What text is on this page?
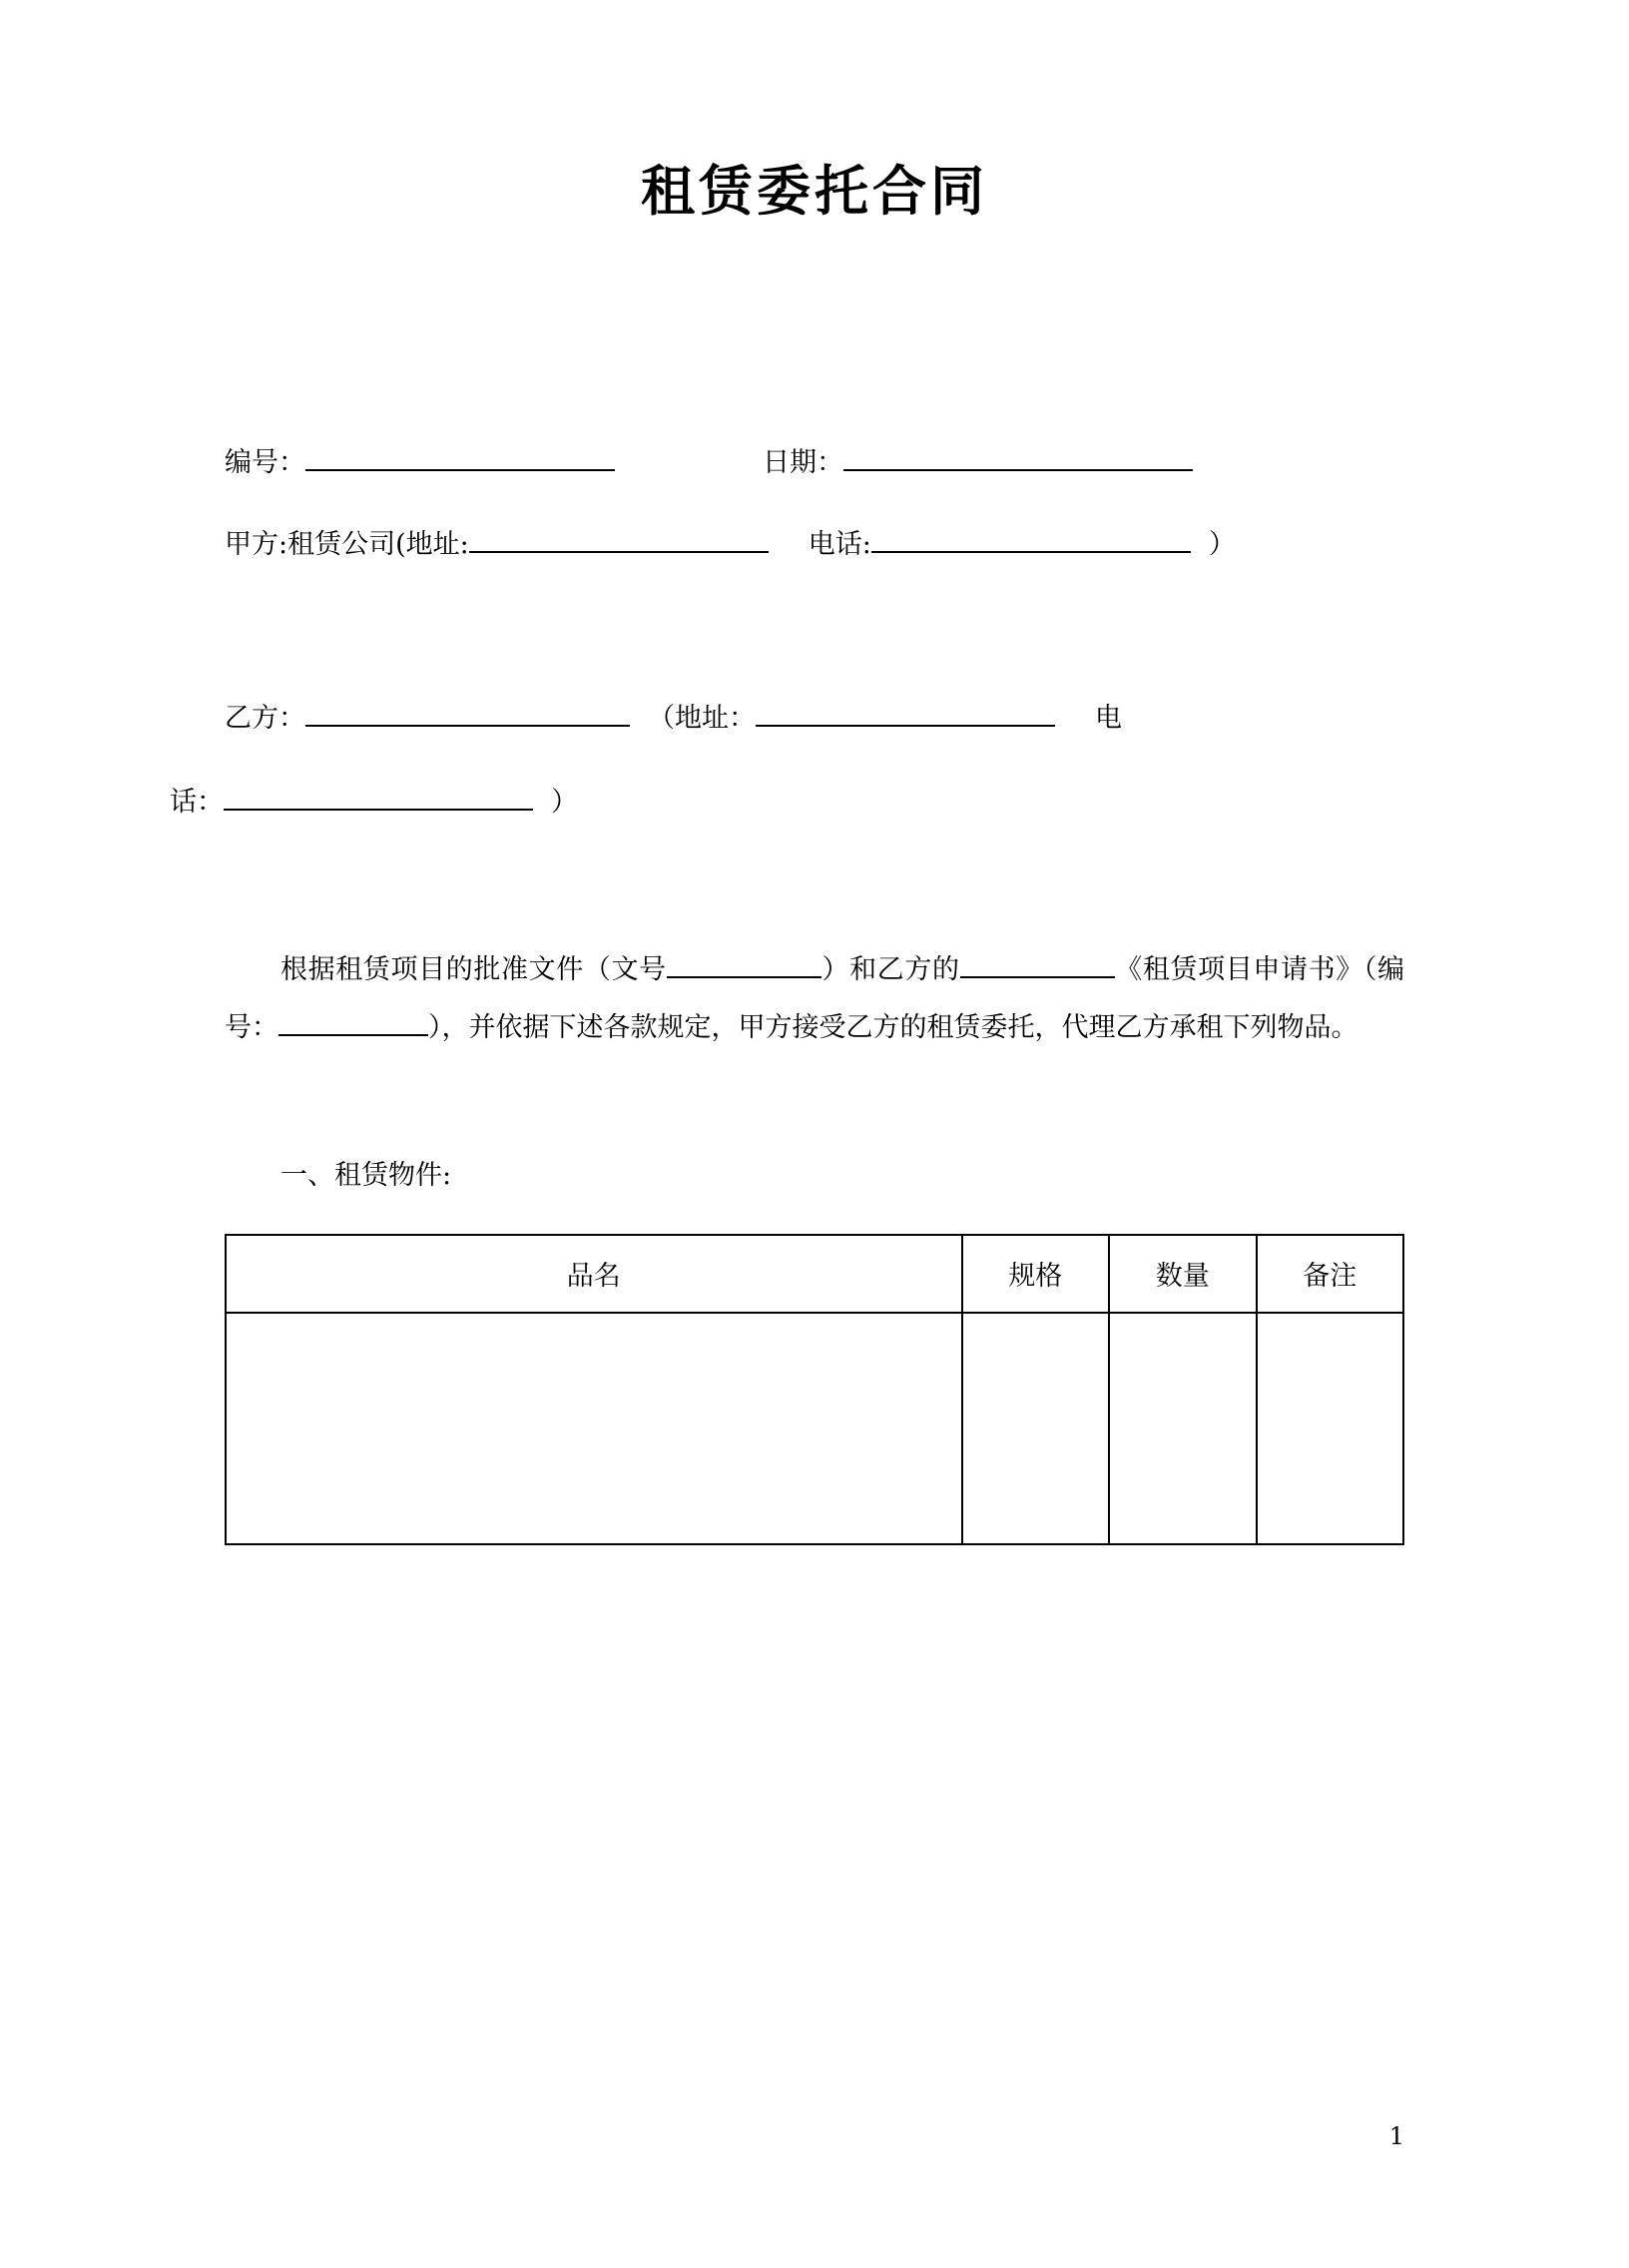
租赁委托合同
编号：	日期：
甲方:租赁公司(地址:	电话:	）
乙方：	（地址：	电
话：	）

根据租赁项目的批准文件（文号	）和乙方的	《租赁项目申请书》（编号：	），并依据下述各款规定，甲方接受乙方的租赁委托，代理乙方承租下列物品。

一、租赁物件:
品名	规格	数量	备注

1
